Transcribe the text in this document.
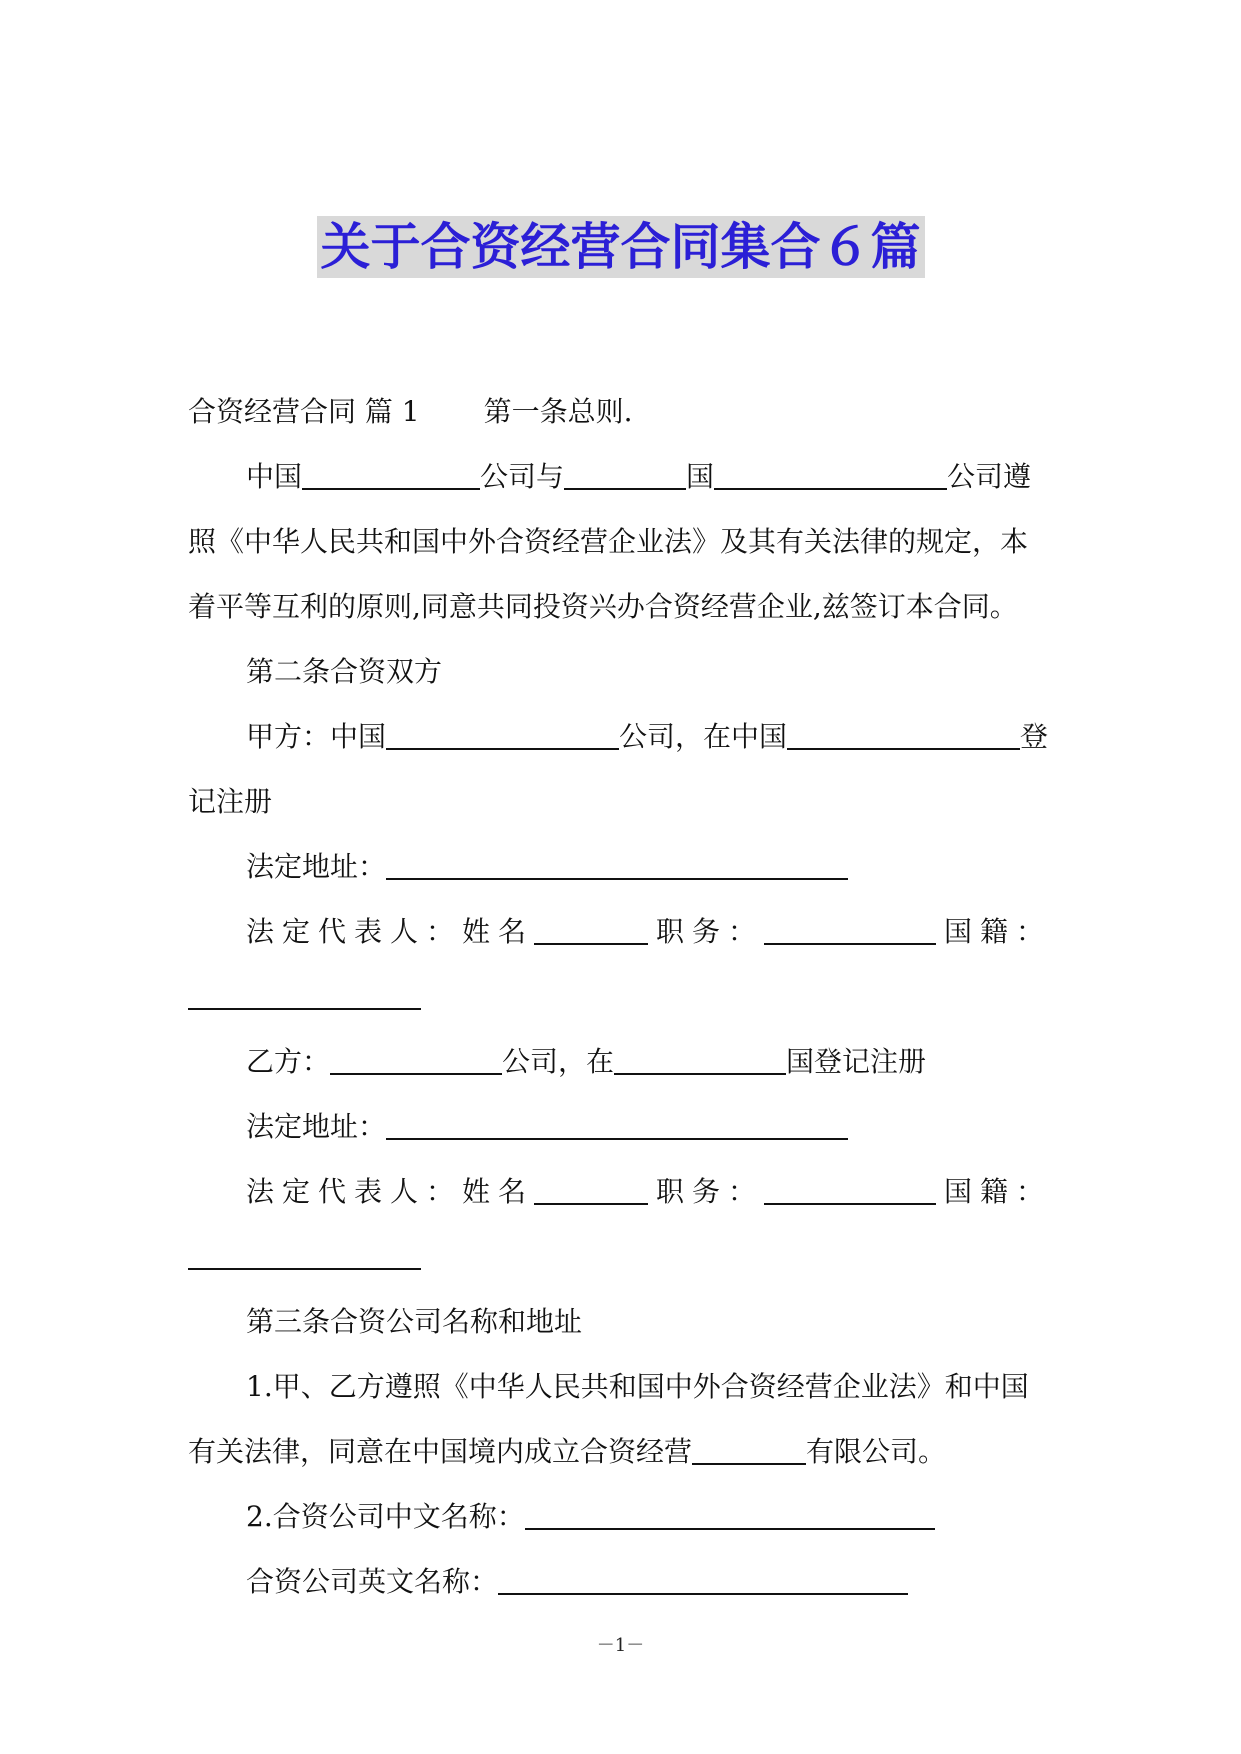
关于合资经营合同集合６篇
合资经营合同 篇 1 第一条总则.
中国	公司与	国	公司遵
照《中华人民共和国中外合资经营企业法》及其有关法律的规定，本
着平等互利的原则,同意共同投资兴办合资经营企业,兹签订本合同。
第二条合资双方
甲方：中国	公司，在中国	登
记注册
法定地址：
法定代表人：姓名	职务：	国籍：
乙方：	公司，在	国登记注册
法定地址：
法定代表人：姓名	职务：	国籍：
第三条合资公司名称和地址
1.甲、乙方遵照《中华人民共和国中外合资经营企业法》和中国
有关法律，同意在中国境内成立合资经营	有限公司。
2.合资公司中文名称：
合资公司英文名称：
－1－
